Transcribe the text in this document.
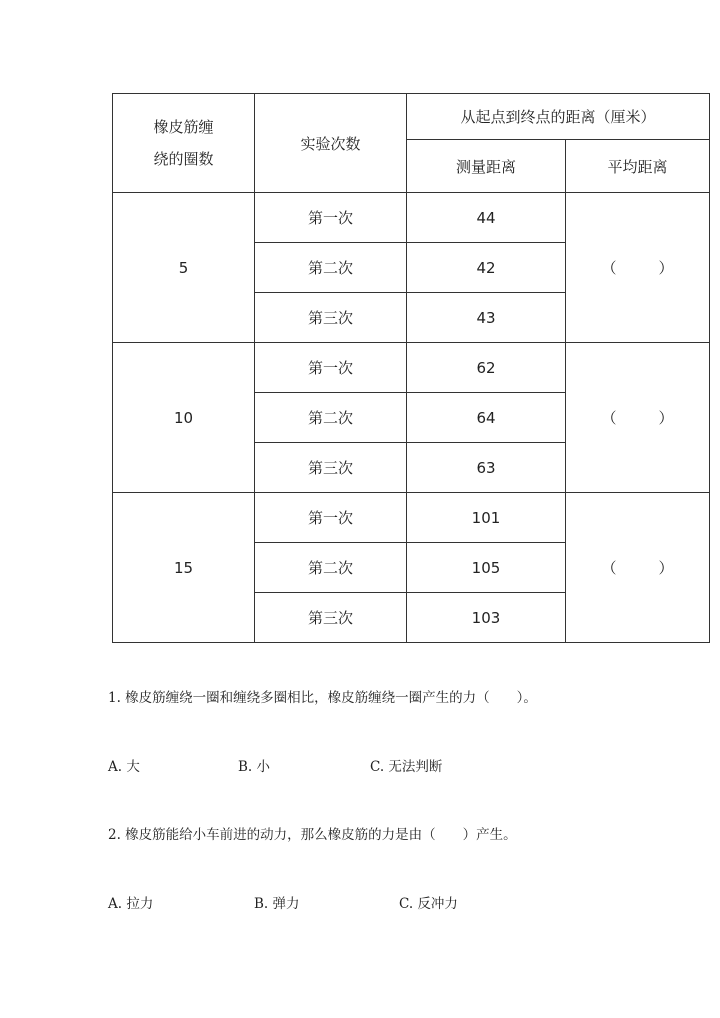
橡皮筋缠
绕的圈数	实验次数	从起点到终点的距离（厘米）	
		测量距离	平均距离
5	第一次	44	（ ）

	第二次	42	
	第三次	43	
10	第一次	62	（ ）

	第二次	64	
	第三次	63	
15	第一次	101	（ ）

	第二次	105	
	第三次	103	
1. 橡皮筋缠绕一圈和缠绕多圈相比，橡皮筋缠绕一圈产生的力（　　）。
A. 大	B. 小	C. 无法判断
2. 橡皮筋能给小车前进的动力，那么橡皮筋的力是由（　　）产生。
A. 拉力	B. 弹力	C. 反冲力
